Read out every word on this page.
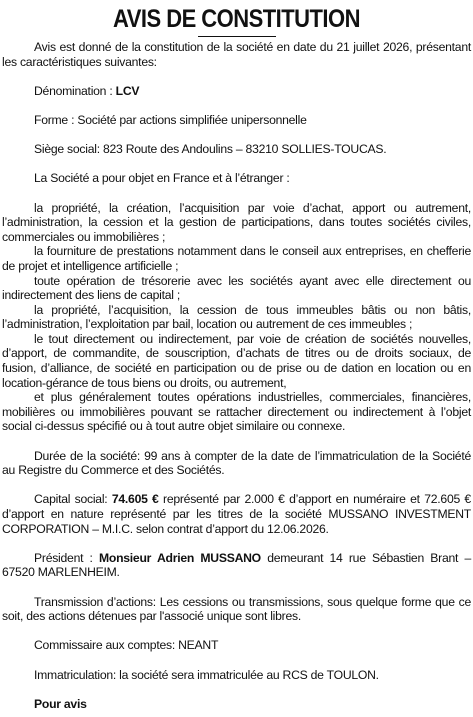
AVIS DE CONSTITUTION

Avis est donné de la constitution de la société en date du 21 juillet 2026, présentant les caractéristiques suivantes:

Dénomination : LCV

Forme : Société par actions simplifiée unipersonnelle

Siège social: 823 Route des Andoulins – 83210 SOLLIES-TOUCAS.

La Société a pour objet en France et à l’étranger :

la propriété, la création, l’acquisition par voie d’achat, apport ou autrement, l’administration, la cession et la gestion de participations, dans toutes sociétés civiles, commerciales ou immobilières ;

la fourniture de prestations notamment dans le conseil aux entreprises, en chefferie de projet et intelligence artificielle ;

toute opération de trésorerie avec les sociétés ayant avec elle directement ou indirectement des liens de capital ;

la propriété, l’acquisition, la cession de tous immeubles bâtis ou non bâtis, l’administration, l’exploitation par bail, location ou autrement de ces immeubles ;

le tout directement ou indirectement, par voie de création de sociétés nouvelles, d’apport, de commandite, de souscription, d’achats de titres ou de droits sociaux, de fusion, d’alliance, de société en participation ou de prise ou de dation en location ou en location-gérance de tous biens ou droits, ou autrement,

et plus généralement toutes opérations industrielles, commerciales, financières, mobilières ou immobilières pouvant se rattacher directement ou indirectement à l’objet social ci-dessus spécifié ou à tout autre objet similaire ou connexe.

Durée de la société: 99 ans à compter de la date de l’immatriculation de la Société au Registre du Commerce et des Sociétés.

Capital social: 74.605 € représenté par 2.000 € d’apport en numéraire et 72.605 € d’apport en nature représenté par les titres de la société MUSSANO INVESTMENT CORPORATION – M.I.C. selon contrat d’apport du 12.06.2026.

Président : Monsieur Adrien MUSSANO demeurant 14 rue Sébastien Brant – 67520 MARLENHEIM.

Transmission d’actions: Les cessions ou transmissions, sous quelque forme que ce soit, des actions détenues par l'associé unique sont libres.

Commissaire aux comptes: NEANT

Immatriculation: la société sera immatriculée au RCS de TOULON.

Pour avis
